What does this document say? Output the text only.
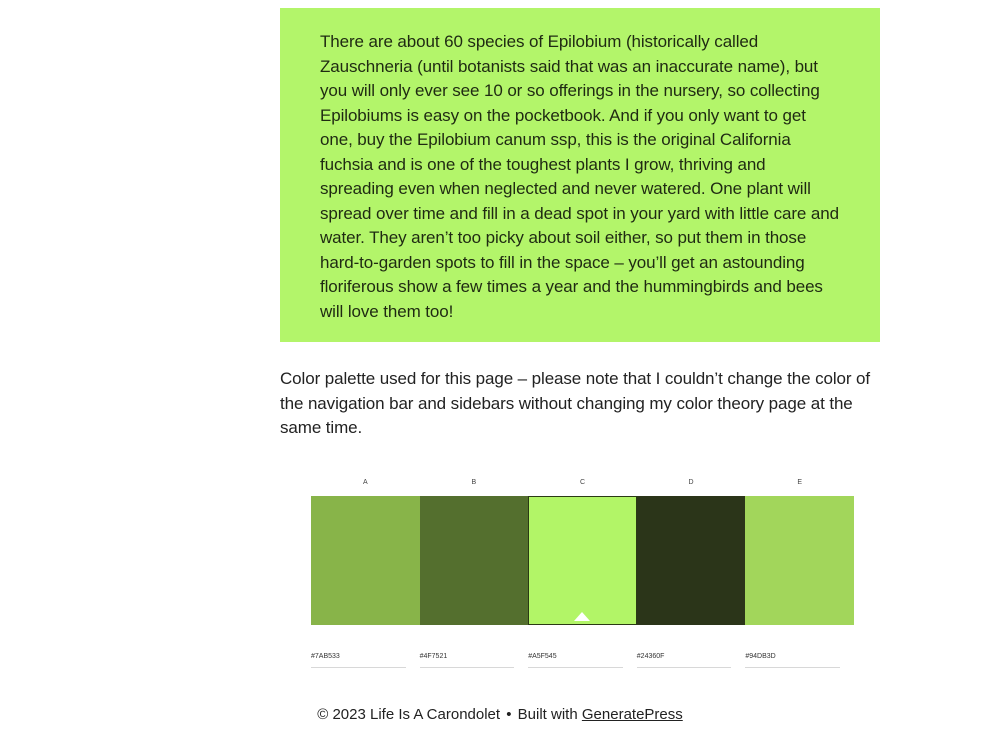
There are about 60 species of Epilobium (historically called Zauschneria (until botanists said that was an inaccurate name), but you will only ever see 10 or so offerings in the nursery, so collecting Epilobiums is easy on the pocketbook. And if you only want to get one, buy the Epilobium canum ssp, this is the original California fuchsia and is one of the toughest plants I grow, thriving and spreading even when neglected and never watered. One plant will spread over time and fill in a dead spot in your yard with little care and water. They aren’t too picky about soil either, so put them in those hard-to-garden spots to fill in the space – you’ll get an astounding floriferous show a few times a year and the hummingbirds and bees will love them too!

Color palette used for this page – please note that I couldn’t change the color of the navigation bar and sidebars without changing my color theory page at the same time.

A	B	C	D	E
#7AB533	#4F7521	#A5F545	#24360F	#94DB3D
© 2023 Life Is A Carondolet • Built with GeneratePress
